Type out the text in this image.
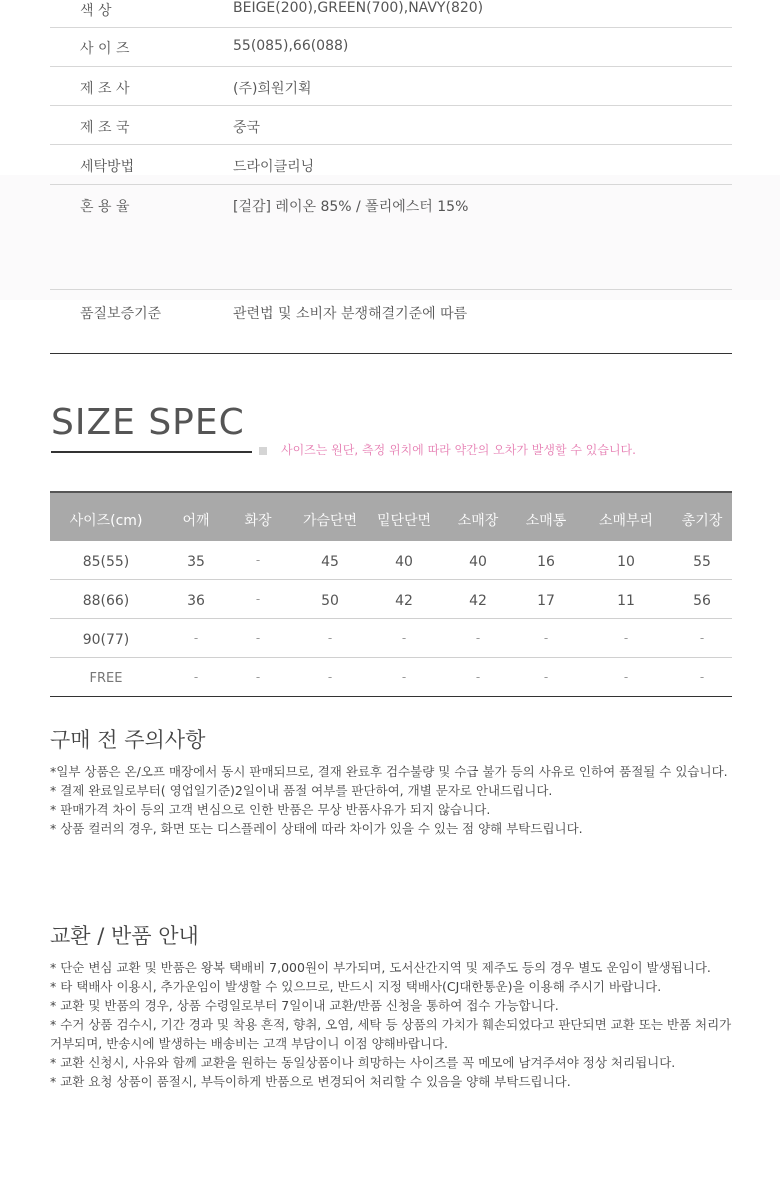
색 상	BEIGE(200),GREEN(700),NAVY(820)
사 이 즈	55(085),66(088)
제 조 사	(주)희원기획
제 조 국	중국
세탁방법	드라이클리닝
혼 용 율	[겉감] 레이온 85% / 폴리에스터 15%
품질보증기준	관련법 및 소비자 분쟁해결기준에 따름
SIZE SPEC
사이즈는 원단, 측정 위치에 따라 약간의 오차가 발생할 수 있습니다.
사이즈(cm)	어깨 화장 가슴단면 밑단단면 소매장 소매통 소매부리 총기장
85(55)	35	-	45	40	40	16	10	55
88(66)	36	-	50	42	42	17	11	56
90(77)	-	-	-	-	-	-	-	-
FREE	-	-	-	-	-	-	-	-
구매 전 주의사항
*일부 상품은 온/오프 매장에서 동시 판매되므로, 결재 완료후 검수불량 및 수급 불가 등의 사유로 인하여 품절될 수 있습니다.
* 결제 완료일로부터( 영업일기준)2일이내 품절 여부를 판단하여, 개별 문자로 안내드립니다.
* 판매가격 차이 등의 고객 변심으로 인한 반품은 무상 반품사유가 되지 않습니다.
* 상품 컬러의 경우, 화면 또는 디스플레이 상태에 따라 차이가 있을 수 있는 점 양해 부탁드립니다.
교환 / 반품 안내
* 단순 변심 교환 및 반품은 왕복 택배비 7,000원이 부가되며, 도서산간지역 및 제주도 등의 경우 별도 운임이 발생됩니다.
* 타 택배사 이용시, 추가운임이 발생할 수 있으므로, 반드시 지정 택배사(CJ대한통운)을 이용해 주시기 바랍니다.
* 교환 및 반품의 경우, 상품 수령일로부터 7일이내 교환/반품 신청을 통하여 접수 가능합니다.
* 수거 상품 검수시, 기간 경과 및 착용 흔적, 향취, 오염, 세탁 등 상품의 가치가 훼손되었다고 판단되면 교환 또는 반품 처리가
거부되며, 반송시에 발생하는 배송비는 고객 부담이니 이점 양해바랍니다.
* 교환 신청시, 사유와 함께 교환을 원하는 동일상품이나 희망하는 사이즈를 꼭 메모에 남겨주셔야 정상 처리됩니다.
* 교환 요청 상품이 품절시, 부득이하게 반품으로 변경되어 처리할 수 있음을 양해 부탁드립니다.
